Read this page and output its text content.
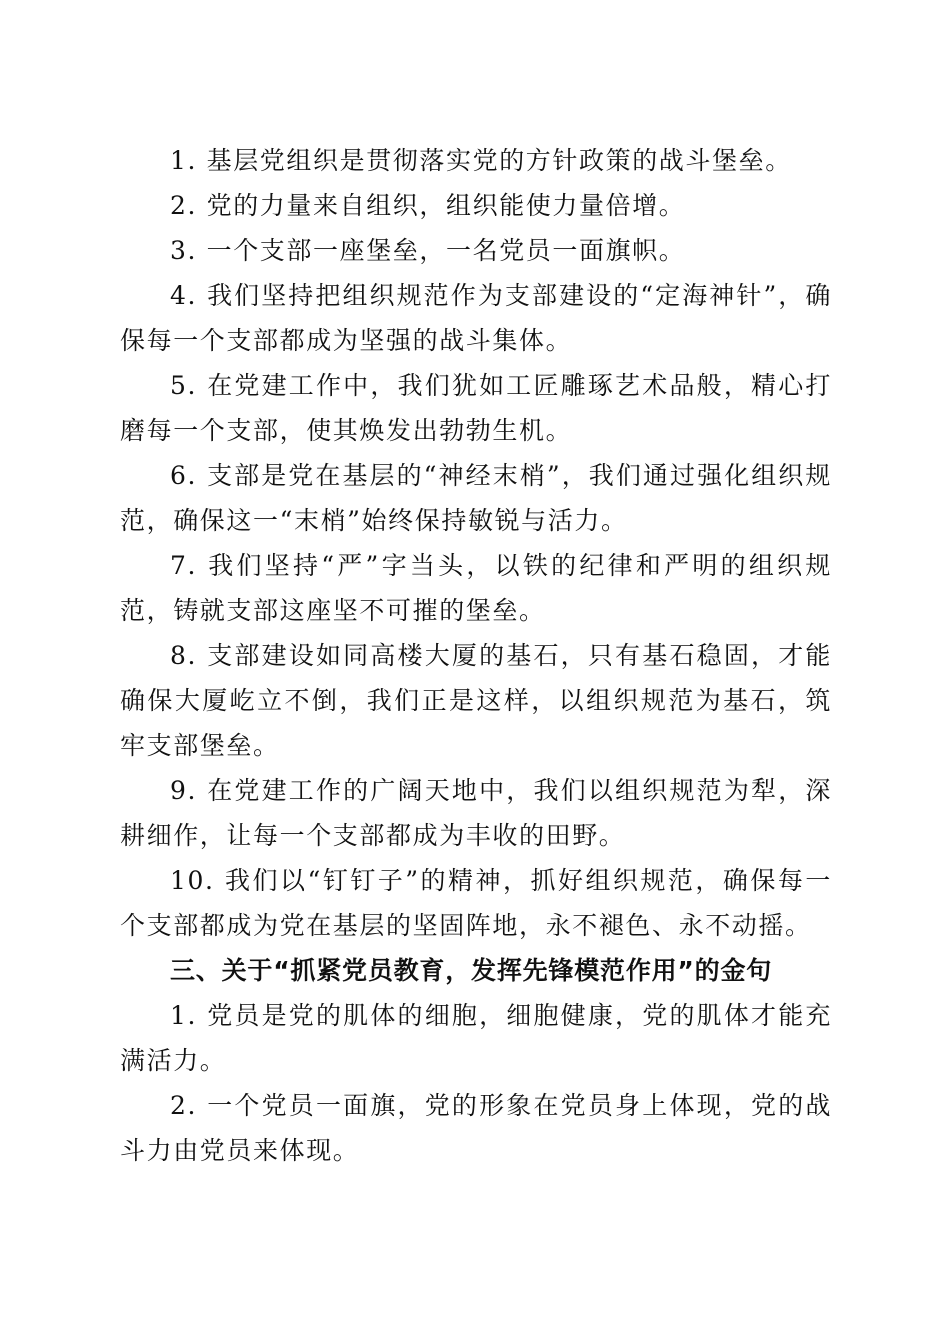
1. 基层党组织是贯彻落实党的方针政策的战斗堡垒。

2. 党的力量来自组织，组织能使力量倍增。

3. 一个支部一座堡垒，一名党员一面旗帜。

4. 我们坚持把组织规范作为支部建设的“定海神针”，确保每一个支部都成为坚强的战斗集体。

5. 在党建工作中，我们犹如工匠雕琢艺术品般，精心打磨每一个支部，使其焕发出勃勃生机。

6. 支部是党在基层的“神经末梢”，我们通过强化组织规范，确保这一“末梢”始终保持敏锐与活力。

7. 我们坚持“严”字当头，以铁的纪律和严明的组织规范，铸就支部这座坚不可摧的堡垒。

8. 支部建设如同高楼大厦的基石，只有基石稳固，才能确保大厦屹立不倒，我们正是这样，以组织规范为基石，筑牢支部堡垒。

9. 在党建工作的广阔天地中，我们以组织规范为犁，深耕细作，让每一个支部都成为丰收的田野。

10. 我们以“钉钉子”的精神，抓好组织规范，确保每一个支部都成为党在基层的坚固阵地，永不褪色、永不动摇。

三、关于“抓紧党员教育，发挥先锋模范作用”的金句

1. 党员是党的肌体的细胞，细胞健康，党的肌体才能充满活力。

2. 一个党员一面旗，党的形象在党员身上体现，党的战斗力由党员来体现。
